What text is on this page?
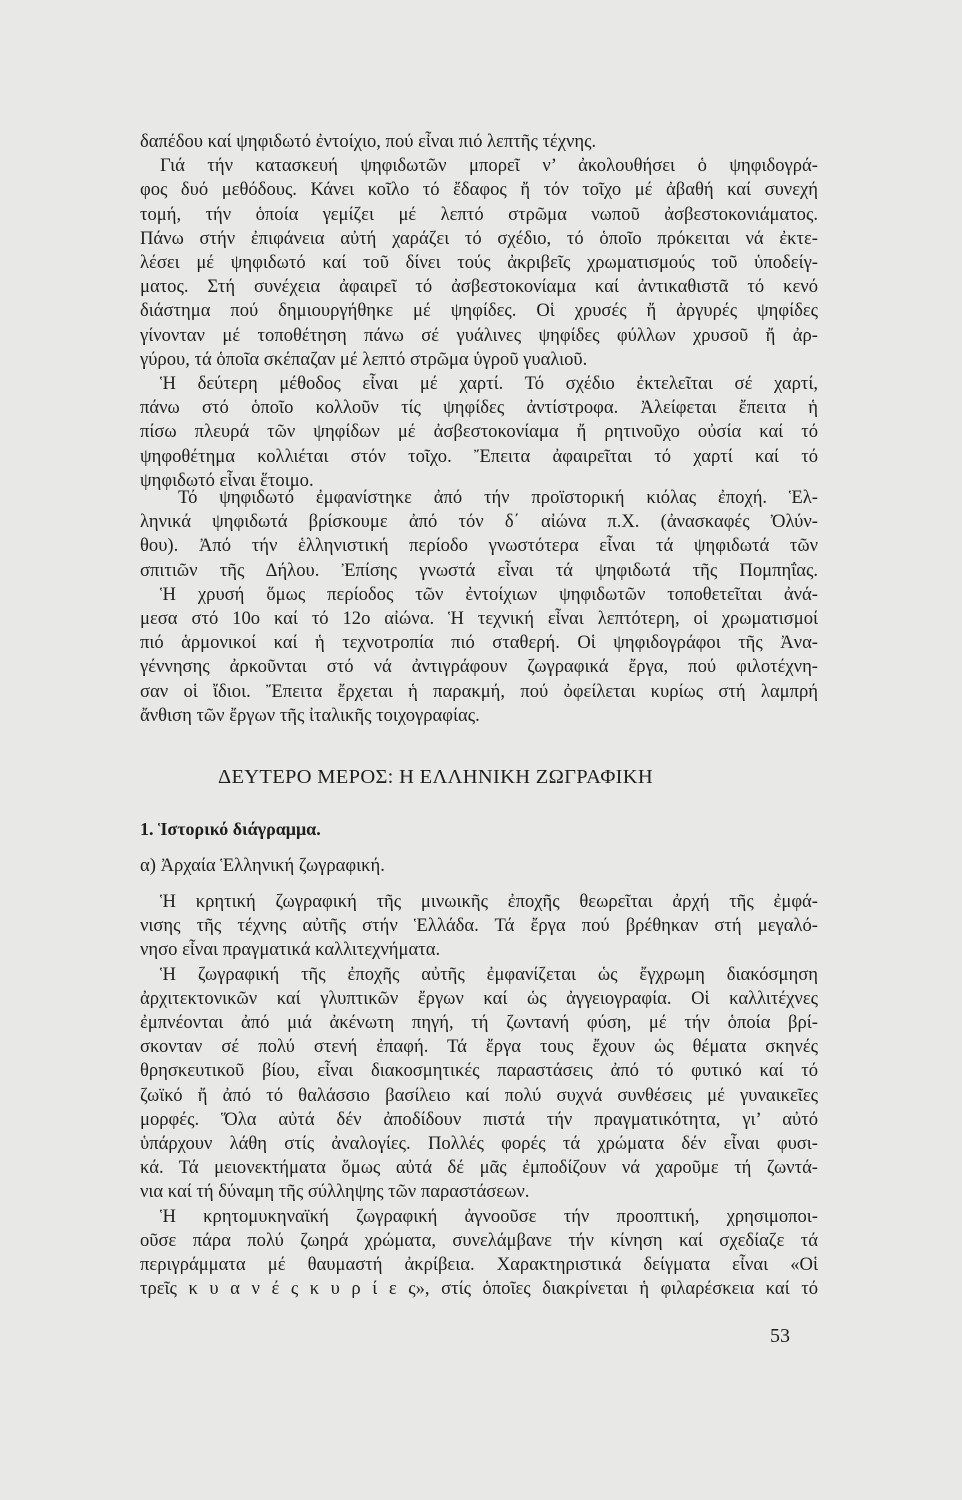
δαπέδου καί ψηφιδωτό ἐντοίχιο, πού εἶναι πιό λεπτῆς τέχνης.
Γιά τήν κατασκευή ψηφιδωτῶν μπορεῖ ν’ ἀκολουθήσει ὁ ψηφιδογρά-
φος δυό μεθόδους. Κάνει κοῖλο τό ἔδαφος ἤ τόν τοῖχο μέ ἀβαθή καί συνεχή
τομή, τήν ὁποία γεμίζει μέ λεπτό στρῶμα νωποῦ ἀσβεστοκονιάματος.
Πάνω στήν ἐπιφάνεια αὐτή χαράζει τό σχέδιο, τό ὁποῖο πρόκειται νά ἐκτε-
λέσει μέ ψηφιδωτό καί τοῦ δίνει τούς ἀκριβεῖς χρωματισμούς τοῦ ὑποδείγ-
ματος. Στή συνέχεια ἀφαιρεῖ τό ἀσβεστοκονίαμα καί ἀντικαθιστᾶ τό κενό
διάστημα πού δημιουργήθηκε μέ ψηφίδες. Οἱ χρυσές ἤ ἀργυρές ψηφίδες
γίνονταν μέ τοποθέτηση πάνω σέ γυάλινες ψηφίδες φύλλων χρυσοῦ ἤ ἀρ-
γύρου, τά ὁποῖα σκέπαζαν μέ λεπτό στρῶμα ὑγροῦ γυαλιοῦ.
Ἡ δεύτερη μέθοδος εἶναι μέ χαρτί. Τό σχέδιο ἐκτελεῖται σέ χαρτί,
πάνω στό ὁποῖο κολλοῦν τίς ψηφίδες ἀντίστροφα. Ἀλείφεται ἔπειτα ἡ
πίσω πλευρά τῶν ψηφίδων μέ ἀσβεστοκονίαμα ἤ ρητινοῦχο οὐσία καί τό
ψηφοθέτημα κολλιέται στόν τοῖχο. Ἔπειτα ἀφαιρεῖται τό χαρτί καί τό
ψηφιδωτό εἶναι ἕτοιμο.
Τό ψηφιδωτό ἐμφανίστηκε ἀπό τήν προϊστορική κιόλας ἐποχή. Ἑλ-
ληνικά ψηφιδωτά βρίσκουμε ἀπό τόν δ΄ αἰώνα π.Χ. (ἀνασκαφές Ὀλύν-
θου). Ἀπό τήν ἑλληνιστική περίοδο γνωστότερα εἶναι τά ψηφιδωτά τῶν
σπιτιῶν τῆς Δήλου. Ἐπίσης γνωστά εἶναι τά ψηφιδωτά τῆς Πομπηΐας.
Ἡ χρυσή ὅμως περίοδος τῶν ἐντοίχιων ψηφιδωτῶν τοποθετεῖται ἀνά-
μεσα στό 10ο καί τό 12ο αἰώνα. Ἡ τεχνική εἶναι λεπτότερη, οἱ χρωματισμοί
πιό ἁρμονικοί καί ἡ τεχνοτροπία πιό σταθερή. Οἱ ψηφιδογράφοι τῆς Ἀνα-
γέννησης ἀρκοῦνται στό νά ἀντιγράφουν ζωγραφικά ἔργα, πού φιλοτέχνη-
σαν οἱ ἴδιοι. Ἔπειτα ἔρχεται ἡ παρακμή, πού ὀφείλεται κυρίως στή λαμπρή
ἄνθιση τῶν ἔργων τῆς ἰταλικῆς τοιχογραφίας.
ΔΕΥΤΕΡΟ ΜΕΡΟΣ: Η ΕΛΛΗΝΙΚΗ ΖΩΓΡΑΦΙΚΗ
1. Ἱστορικό διάγραμμα.
α) Ἀρχαία Ἑλληνική ζωγραφική.
Ἡ κρητική ζωγραφική τῆς μινωικῆς ἐποχῆς θεωρεῖται ἀρχή τῆς ἐμφά-
νισης τῆς τέχνης αὐτῆς στήν Ἑλλάδα. Τά ἔργα πού βρέθηκαν στή μεγαλό-
νησο εἶναι πραγματικά καλλιτεχνήματα.
Ἡ ζωγραφική τῆς ἐποχῆς αὐτῆς ἐμφανίζεται ὡς ἔγχρωμη διακόσμηση
ἀρχιτεκτονικῶν καί γλυπτικῶν ἔργων καί ὡς ἀγγειογραφία. Οἱ καλλιτέχνες
ἐμπνέονται ἀπό μιά ἀκένωτη πηγή, τή ζωντανή φύση, μέ τήν ὁποία βρί-
σκονταν σέ πολύ στενή ἐπαφή. Τά ἔργα τους ἔχουν ὡς θέματα σκηνές
θρησκευτικοῦ βίου, εἶναι διακοσμητικές παραστάσεις ἀπό τό φυτικό καί τό
ζωϊκό ἤ ἀπό τό θαλάσσιο βασίλειο καί πολύ συχνά συνθέσεις μέ γυναικεῖες
μορφές. Ὅλα αὐτά δέν ἀποδίδουν πιστά τήν πραγματικότητα, γι’ αὐτό
ὑπάρχουν λάθη στίς ἀναλογίες. Πολλές φορές τά χρώματα δέν εἶναι φυσι-
κά. Τά μειονεκτήματα ὅμως αὐτά δέ μᾶς ἐμποδίζουν νά χαροῦμε τή ζωντά-
νια καί τή δύναμη τῆς σύλληψης τῶν παραστάσεων.
Ἡ κρητομυκηναϊκή ζωγραφική ἀγνοοῦσε τήν προοπτική, χρησιμοποι-
οῦσε πάρα πολύ ζωηρά χρώματα, συνελάμβανε τήν κίνηση καί σχεδίαζε τά
περιγράμματα μέ θαυμαστή ἀκρίβεια. Χαρακτηριστικά δείγματα εἶναι «Οἱ
τρεῖς κ υ α ν έ ς κ υ ρ ί ε ς», στίς ὁποῖες διακρίνεται ἡ φιλαρέσκεια καί τό
53
